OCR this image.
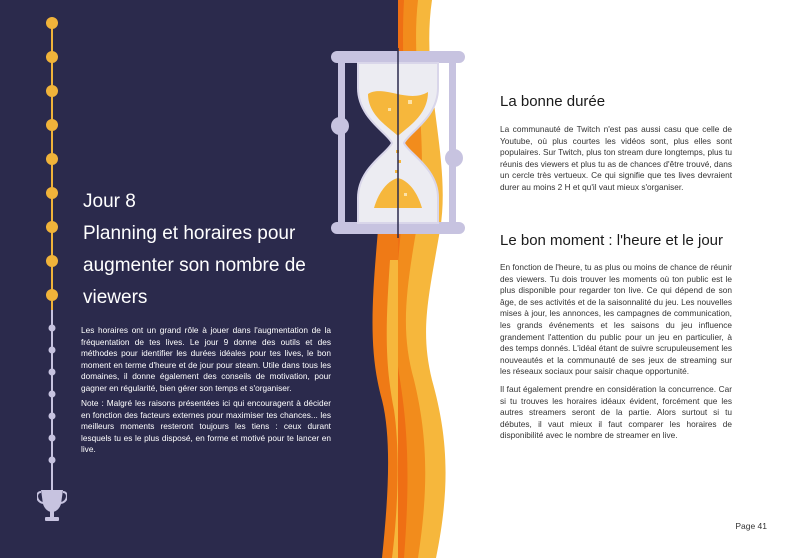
Jour 8
Planning et horaires pour
augmenter son nombre de
viewers

Les horaires ont un grand rôle à jouer dans l'augmentation de la fréquentation de tes lives. Le jour 9 donne des outils et des méthodes pour identifier les durées idéales pour tes lives, le bon moment en terme d'heure et de jour pour steam. Utile dans tous les domaines, il donne également des conseils de motivation, pour gagner en régularité, bien gérer son temps et s'organiser.

Note : Malgré les raisons présentées ici qui encouragent à décider en fonction des facteurs externes pour maximiser tes chances... les meilleurs moments resteront toujours les tiens : ceux durant lesquels tu es le plus disposé, en forme et motivé pour te lancer en live.

La bonne durée

La communauté de Twitch n'est pas aussi casu que celle de Youtube, où plus courtes les vidéos sont, plus elles sont populaires. Sur Twitch, plus ton stream dure longtemps, plus tu réunis des viewers et plus tu as de chances d'être trouvé, dans un cercle très vertueux. Ce qui signifie que tes lives devraient durer au moins 2 H et qu'il vaut mieux s'organiser.

Le bon moment : l'heure et le jour

En fonction de l'heure, tu as plus ou moins de chance de réunir des viewers. Tu dois trouver les moments où ton public est le plus disponible pour regarder ton live. Ce qui dépend de son âge, de ses activités et de la saisonnalité du jeu. Les nouvelles mises à jour, les annonces, les campagnes de communication, les grands événements et les saisons du jeu influence grandement l'attention du public pour un jeu en particulier, à des temps donnés. L'idéal étant de suivre scrupuleusement les nouveautés et la communauté de ses jeux de streaming sur les réseaux sociaux pour saisir chaque opportunité.

Il faut également prendre en considération la concurrence. Car si tu trouves les horaires idéaux évident, forcément que les autres streamers seront de la partie. Alors surtout si tu débutes, il vaut mieux il faut comparer les horaires de disponibilité avec le nombre de streamer en live.

Page 41
